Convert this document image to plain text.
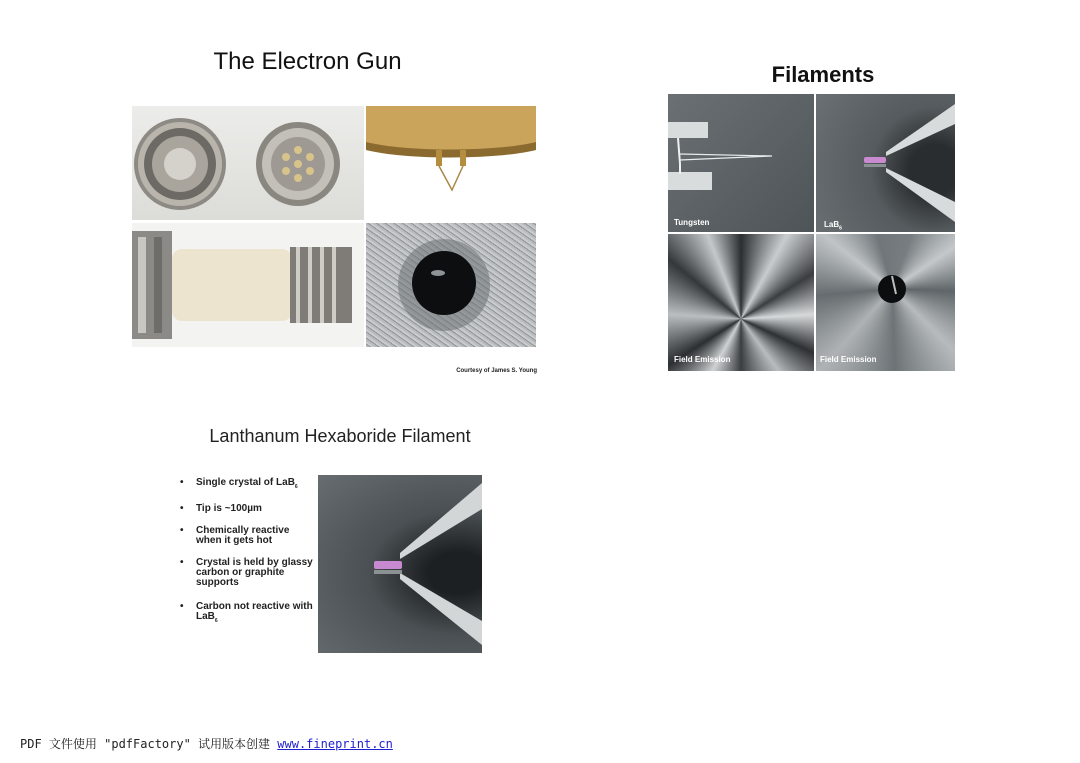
The Electron Gun
Courtesy of James S. Young
Filaments
Tungsten	LaB$_6$
Field Emission	Field Emission
Lanthanum Hexaboride Filament
• Single crystal of LaB$_6$
• Tip is ~100µm
• Chemically reactive when it gets hot
• Crystal is held by glassy carbon or graphite supports
• Carbon not reactive with LaB$_6$
PDF 文件使用 "pdfFactory" 试用版本创建 www.fineprint.cn
